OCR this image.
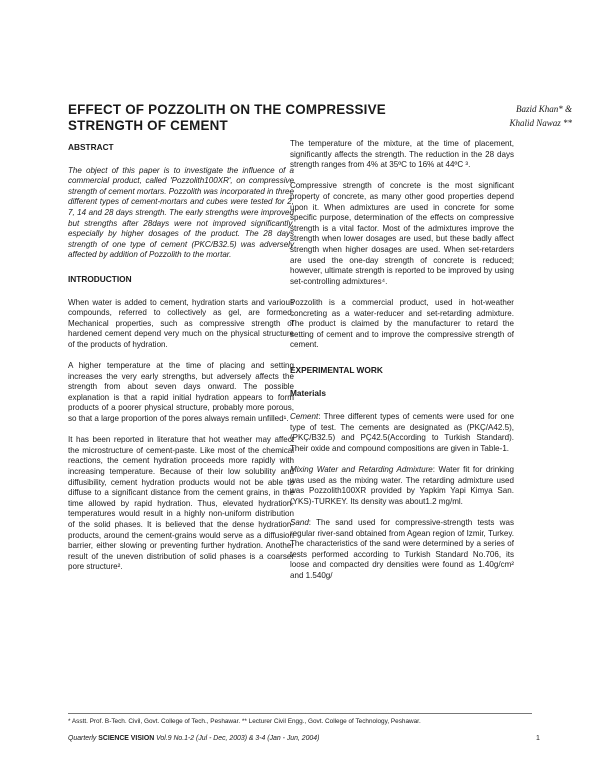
EFFECT OF POZZOLITH ON THE COMPRESSIVE STRENGTH OF CEMENT
Bazid Khan* &
Khalid Nawaz **
ABSTRACT

The object of this paper is to investigate the influence of a commercial product, called 'Pozzolith100XR', on compressive strength of cement mortars. Pozzolith was incorporated in three different types of cement-mortars and cubes were tested for 2, 7, 14 and 28 days strength. The early strengths were improved but strengths after 28days were not improved significantly, especially by higher dosages of the product. The 28 days strength of one type of cement (PKC/B32.5) was adversely affected by addition of Pozzolith to the mortar.

INTRODUCTION

When water is added to cement, hydration starts and various compounds, referred to collectively as gel, are formed. Mechanical properties, such as compressive strength of hardened cement depend very much on the physical structure of the products of hydration.

A higher temperature at the time of placing and setting increases the very early strengths, but adversely affects the strength from about seven days onward. The possible explanation is that a rapid initial hydration appears to form products of a poorer physical structure, probably more porous, so that a large proportion of the pores always remain unfilled¹.

It has been reported in literature that hot weather may affect the microstructure of cement-paste. Like most of the chemical reactions, the cement hydration proceeds more rapidly with increasing temperature. Because of their low solubility and diffusibility, cement hydration products would not be able to diffuse to a significant distance from the cement grains, in the time allowed by rapid hydration. Thus, elevated hydration-temperatures would result in a highly non-uniform distribution of the solid phases. It is believed that the dense hydration-products, around the cement-grains would serve as a diffusion barrier, either slowing or preventing further hydration. Another result of the uneven distribution of solid phases is a coarser pore structure².

The temperature of the mixture, at the time of placement, significantly affects the strength. The reduction in the 28 days strength ranges from 4% at 35ºC to 16% at 44ºC ³.

Compressive strength of concrete is the most significant property of concrete, as many other good properties depend upon it. When admixtures are used in concrete for some specific purpose, determination of the effects on compressive strength is a vital factor. Most of the admixtures improve the strength when lower dosages are used, but these badly affect strength when higher dosages are used. When set-retarders are used the one-day strength of concrete is reduced; however, ultimate strength is reported to be improved by using set-controlling admixtures⁴.

Pozzolith is a commercial product, used in hot-weather concreting as a water-reducer and set-retarding admixture. The product is claimed by the manufacturer to retard the setting of cement and to improve the compressive strength of cement.

EXPERIMENTAL WORK
Materials

Cement: Three different types of cements were used for one type of test. The cements are designated as (PKÇ/A42.5), (PKÇ/B32.5) and PÇ42.5(According to Turkish Standard). Their oxide and compound compositions are given in Table-1.

Mixing Water and Retarding Admixture: Water fit for drinking was used as the mixing water. The retarding admixture used was Pozzolith100XR provided by Yapkim Yapi Kimya San.(YKS)-TURKEY. Its density was about1.2 mg/ml.

Sand: The sand used for compressive-strength tests was regular river-sand obtained from Agean region of Izmir, Turkey. The characteristics of the sand were determined by a series of tests performed according to Turkish Standard No.706, its loose and compacted dry densities were found as 1.40g/cm² and 1.540g/

* Asstt. Prof. B-Tech. Civil, Govt. College of Tech., Peshawar. ** Lecturer Civil Engg., Govt. College of Technology, Peshawar.
Quarterly SCIENCE VISION Vol.9 No.1-2 (Jul - Dec, 2003) & 3-4 (Jan - Jun, 2004)	1
